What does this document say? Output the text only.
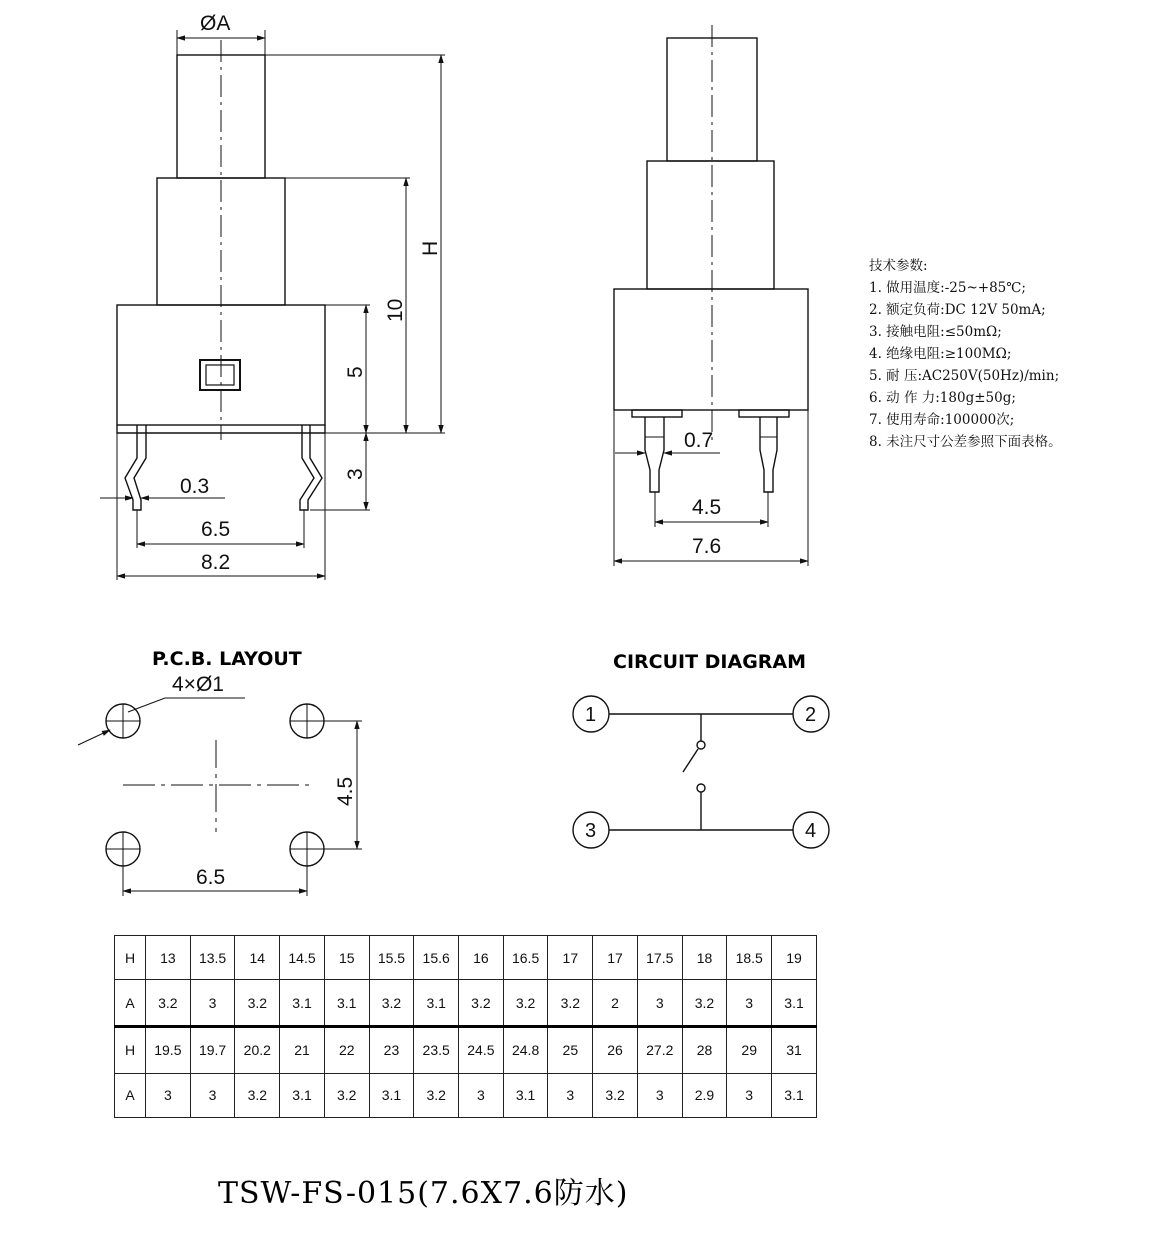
ØA
H
10
5
3
0.3
6.5
8.2
0.7
4.5
7.6
P.C.B. LAYOUT
4×Ø1
4.5
6.5
CIRCUIT DIAGRAM
1	2
3	4
技术参数:
1. 做用温度:-25~+85℃;
2. 额定负荷:DC 12V 50mA;
3. 接触电阻:≤50mΩ;
4. 绝缘电阻:≥100MΩ;
5. 耐 压:AC250V(50Hz)/min;
6. 动 作 力:180g±50g;
7. 使用寿命:100000次;
8. 未注尺寸公差参照下面表格。
H	13	13.5	14	14.5	15	15.5	15.6	16	16.5	17	17	17.5	18	18.5	19
A	3.2	3	3.2	3.1	3.1	3.2	3.1	3.2	3.2	3.2	2	3	3.2	3	3.1
H	19.5	19.7	20.2	21	22	23	23.5	24.5	24.8	25	26	27.2	28	29	31
A	3	3	3.2	3.1	3.2	3.1	3.2	3	3.1	3	3.2	3	2.9	3	3.1
TSW-FS-015(7.6X7.6防水)
